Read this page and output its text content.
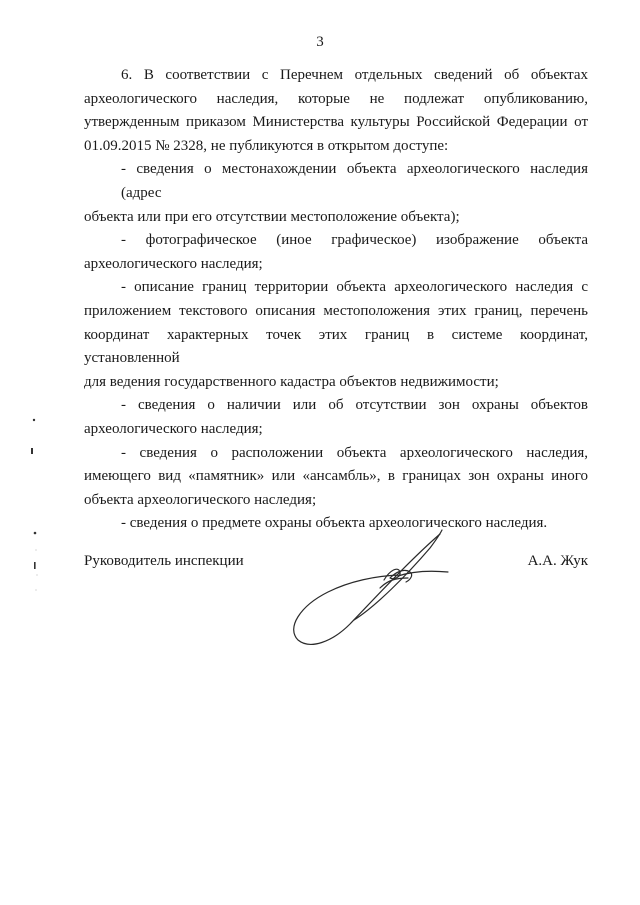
3

6. В соответствии с Перечнем отдельных сведений об объектах
археологического наследия, которые не подлежат опубликованию,
утвержденным приказом Министерства культуры Российской Федерации от
01.09.2015 № 2328, не публикуются в открытом доступе:

- сведения о местонахождении объекта археологического наследия (адрес
объекта или при его отсутствии местоположение объекта);

- фотографическое (иное графическое) изображение объекта
археологического наследия;

- описание границ территории объекта археологического наследия с
приложением текстового описания местоположения этих границ, перечень
координат характерных точек этих границ в системе координат, установленной
для ведения государственного кадастра объектов недвижимости;

- сведения о наличии или об отсутствии зон охраны объектов
археологического наследия;

- сведения о расположении объекта археологического наследия,
имеющего вид «памятник» или «ансамбль», в границах зон охраны иного
объекта археологического наследия;

- сведения о предмете охраны объекта археологического наследия.

Руководитель инспекции	А.А. Жук
